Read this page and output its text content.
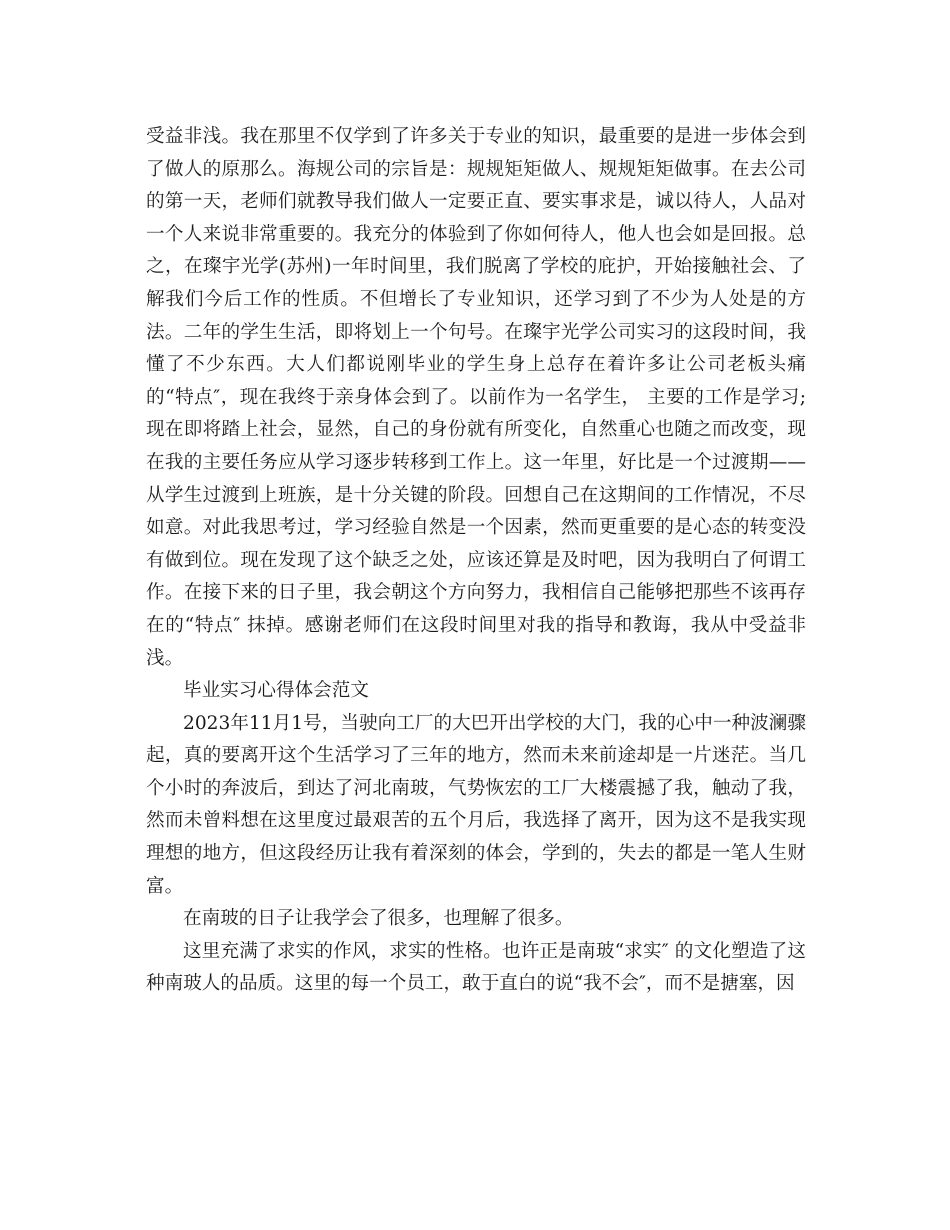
受益非浅。我在那里不仅学到了许多关于专业的知识，最重要的是进一步体会到了做人的原那么。海规公司的宗旨是：规规矩矩做人、规规矩矩做事。在去公司的第一天，老师们就教导我们做人一定要正直、要实事求是，诚以待人，人品对一个人来说非常重要的。我充分的体验到了你如何待人，他人也会如是回报。总之，在璨宇光学(苏州)一年时间里，我们脱离了学校的庇护，开始接触社会、了解我们今后工作的性质。不但增长了专业知识，还学习到了不少为人处是的方法。二年的学生生活，即将划上一个句号。在璨宇光学公司实习的这段时间，我懂了不少东西。大人们都说刚毕业的学生身上总存在着许多让公司老板头痛的“特点″，现在我终于亲身体会到了。以前作为一名学生， 主要的工作是学习;现在即将踏上社会，显然，自己的身份就有所变化，自然重心也随之而改变，现在我的主要任务应从学习逐步转移到工作上。这一年里，好比是一个过渡期——从学生过渡到上班族，是十分关键的阶段。回想自己在这期间的工作情况，不尽如意。对此我思考过，学习经验自然是一个因素，然而更重要的是心态的转变没有做到位。现在发现了这个缺乏之处，应该还算是及时吧，因为我明白了何谓工作。在接下来的日子里，我会朝这个方向努力，我相信自己能够把那些不该再存在的“特点″ 抹掉。感谢老师们在这段时间里对我的指导和教诲，我从中受益非浅。

毕业实习心得体会范文

2023年11月1号，当驶向工厂的大巴开出学校的大门，我的心中一种波澜骤起，真的要离开这个生活学习了三年的地方，然而未来前途却是一片迷茫。当几个小时的奔波后，到达了河北南玻，气势恢宏的工厂大楼震撼了我，触动了我，然而未曾料想在这里度过最艰苦的五个月后，我选择了离开，因为这不是我实现理想的地方，但这段经历让我有着深刻的体会，学到的，失去的都是一笔人生财富。

在南玻的日子让我学会了很多，也理解了很多。

这里充满了求实的作风，求实的性格。也许正是南玻“求实″ 的文化塑造了这种南玻人的品质。这里的每一个员工，敢于直白的说“我不会″，而不是搪塞，因
